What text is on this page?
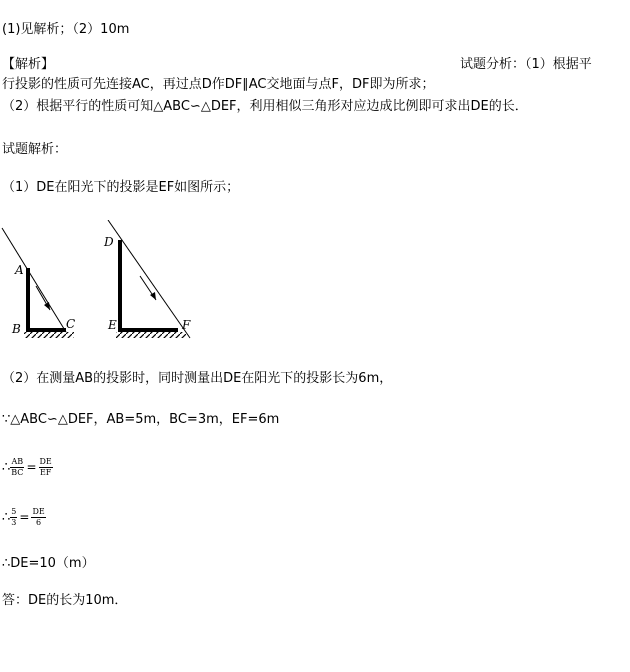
(1)见解析；（2）10m
【解析】	试题分析：（1）根据平
行投影的性质可先连接AC，再过点D作DF∥AC交地面与点F，DF即为所求；
（2）根据平行的性质可知△ABC∽△DEF，利用相似三角形对应边成比例即可求出DE的长．
试题解析：
（1）DE在阳光下的投影是EF如图所示；
A
B	C
D
E	F
（2）在测量AB的投影时，同时测量出DE在阳光下的投影长为6m，
∵△ABC∽△DEF，AB=5m，BC=3m，EF=6m
∴ $\frac{AB}{BC} = \frac{DE}{EF}$
∴ $\frac{5}{3} = \frac{DE}{6}$
∴DE=10（m）
答：DE的长为10m．
